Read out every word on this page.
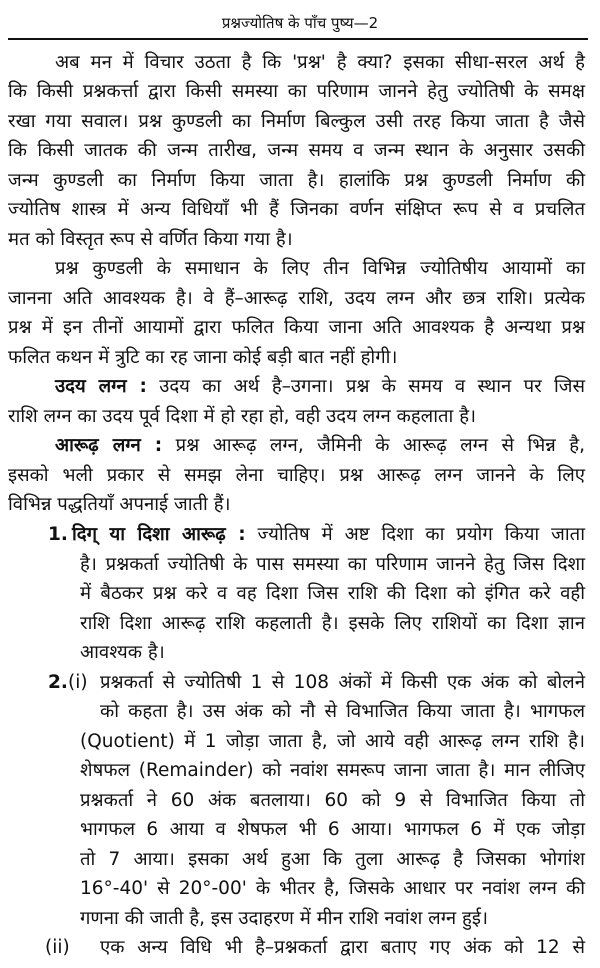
प्रश्नज्योतिष के पाँच पुष्य—2
अब मन में विचार उठता है कि 'प्रश्न' है क्या? इसका सीधा-सरल अर्थ है
कि किसी प्रश्नकर्त्ता द्वारा किसी समस्या का परिणाम जानने हेतु ज्योतिषी के समक्ष
रखा गया सवाल। प्रश्न कुण्डली का निर्माण बिल्कुल उसी तरह किया जाता है जैसे
कि किसी जातक की जन्म तारीख, जन्म समय व जन्म स्थान के अनुसार उसकी
जन्म कुण्डली का निर्माण किया जाता है। हालांकि प्रश्न कुण्डली निर्माण की
ज्योतिष शास्त्र में अन्य विधियाँ भी हैं जिनका वर्णन संक्षिप्त रूप से व प्रचलित
मत को विस्तृत रूप से वर्णित किया गया है।
प्रश्न कुण्डली के समाधान के लिए तीन विभिन्न ज्योतिषीय आयामों का
जानना अति आवश्यक है। वे हैं–आरूढ़ राशि, उदय लग्न और छत्र राशि। प्रत्येक
प्रश्न में इन तीनों आयामों द्वारा फलित किया जाना अति आवश्यक है अन्यथा प्रश्न
फलित कथन में त्रुटि का रह जाना कोई बड़ी बात नहीं होगी।
उदय लग्न : उदय का अर्थ है–उगना। प्रश्न के समय व स्थान पर जिस
राशि लग्न का उदय पूर्व दिशा में हो रहा हो, वही उदय लग्न कहलाता है।
आरूढ़ लग्न : प्रश्न आरूढ़ लग्न, जैमिनी के आरूढ़ लग्न से भिन्न है,
इसको भली प्रकार से समझ लेना चाहिए। प्रश्न आरूढ़ लग्न जानने के लिए
विभिन्न पद्धतियाँ अपनाई जाती हैं।
1. दिग् या दिशा आरूढ़ : ज्योतिष में अष्ट दिशा का प्रयोग किया जाता
है। प्रश्नकर्ता ज्योतिषी के पास समस्या का परिणाम जानने हेतु जिस दिशा
में बैठकर प्रश्न करे व वह दिशा जिस राशि की दिशा को इंगित करे वही
राशि दिशा आरूढ़ राशि कहलाती है। इसके लिए राशियों का दिशा ज्ञान
आवश्यक है।
2. (i) प्रश्नकर्ता से ज्योतिषी 1 से 108 अंकों में किसी एक अंक को बोलने
को कहता है। उस अंक को नौ से विभाजित किया जाता है। भागफल
(Quotient) में 1 जोड़ा जाता है, जो आये वही आरूढ़ लग्न राशि है।
शेषफल (Remainder) को नवांश समरूप जाना जाता है। मान लीजिए
प्रश्नकर्ता ने 60 अंक बतलाया। 60 को 9 से विभाजित किया तो
भागफल 6 आया व शेषफल भी 6 आया। भागफल 6 में एक जोड़ा
तो 7 आया। इसका अर्थ हुआ कि तुला आरूढ़ है जिसका भोगांश
16°-40' से 20°-00' के भीतर है, जिसके आधार पर नवांश लग्न की
गणना की जाती है, इस उदाहरण में मीन राशि नवांश लग्न हुई।
(ii) एक अन्य विधि भी है–प्रश्नकर्ता द्वारा बताए गए अंक को 12 से
